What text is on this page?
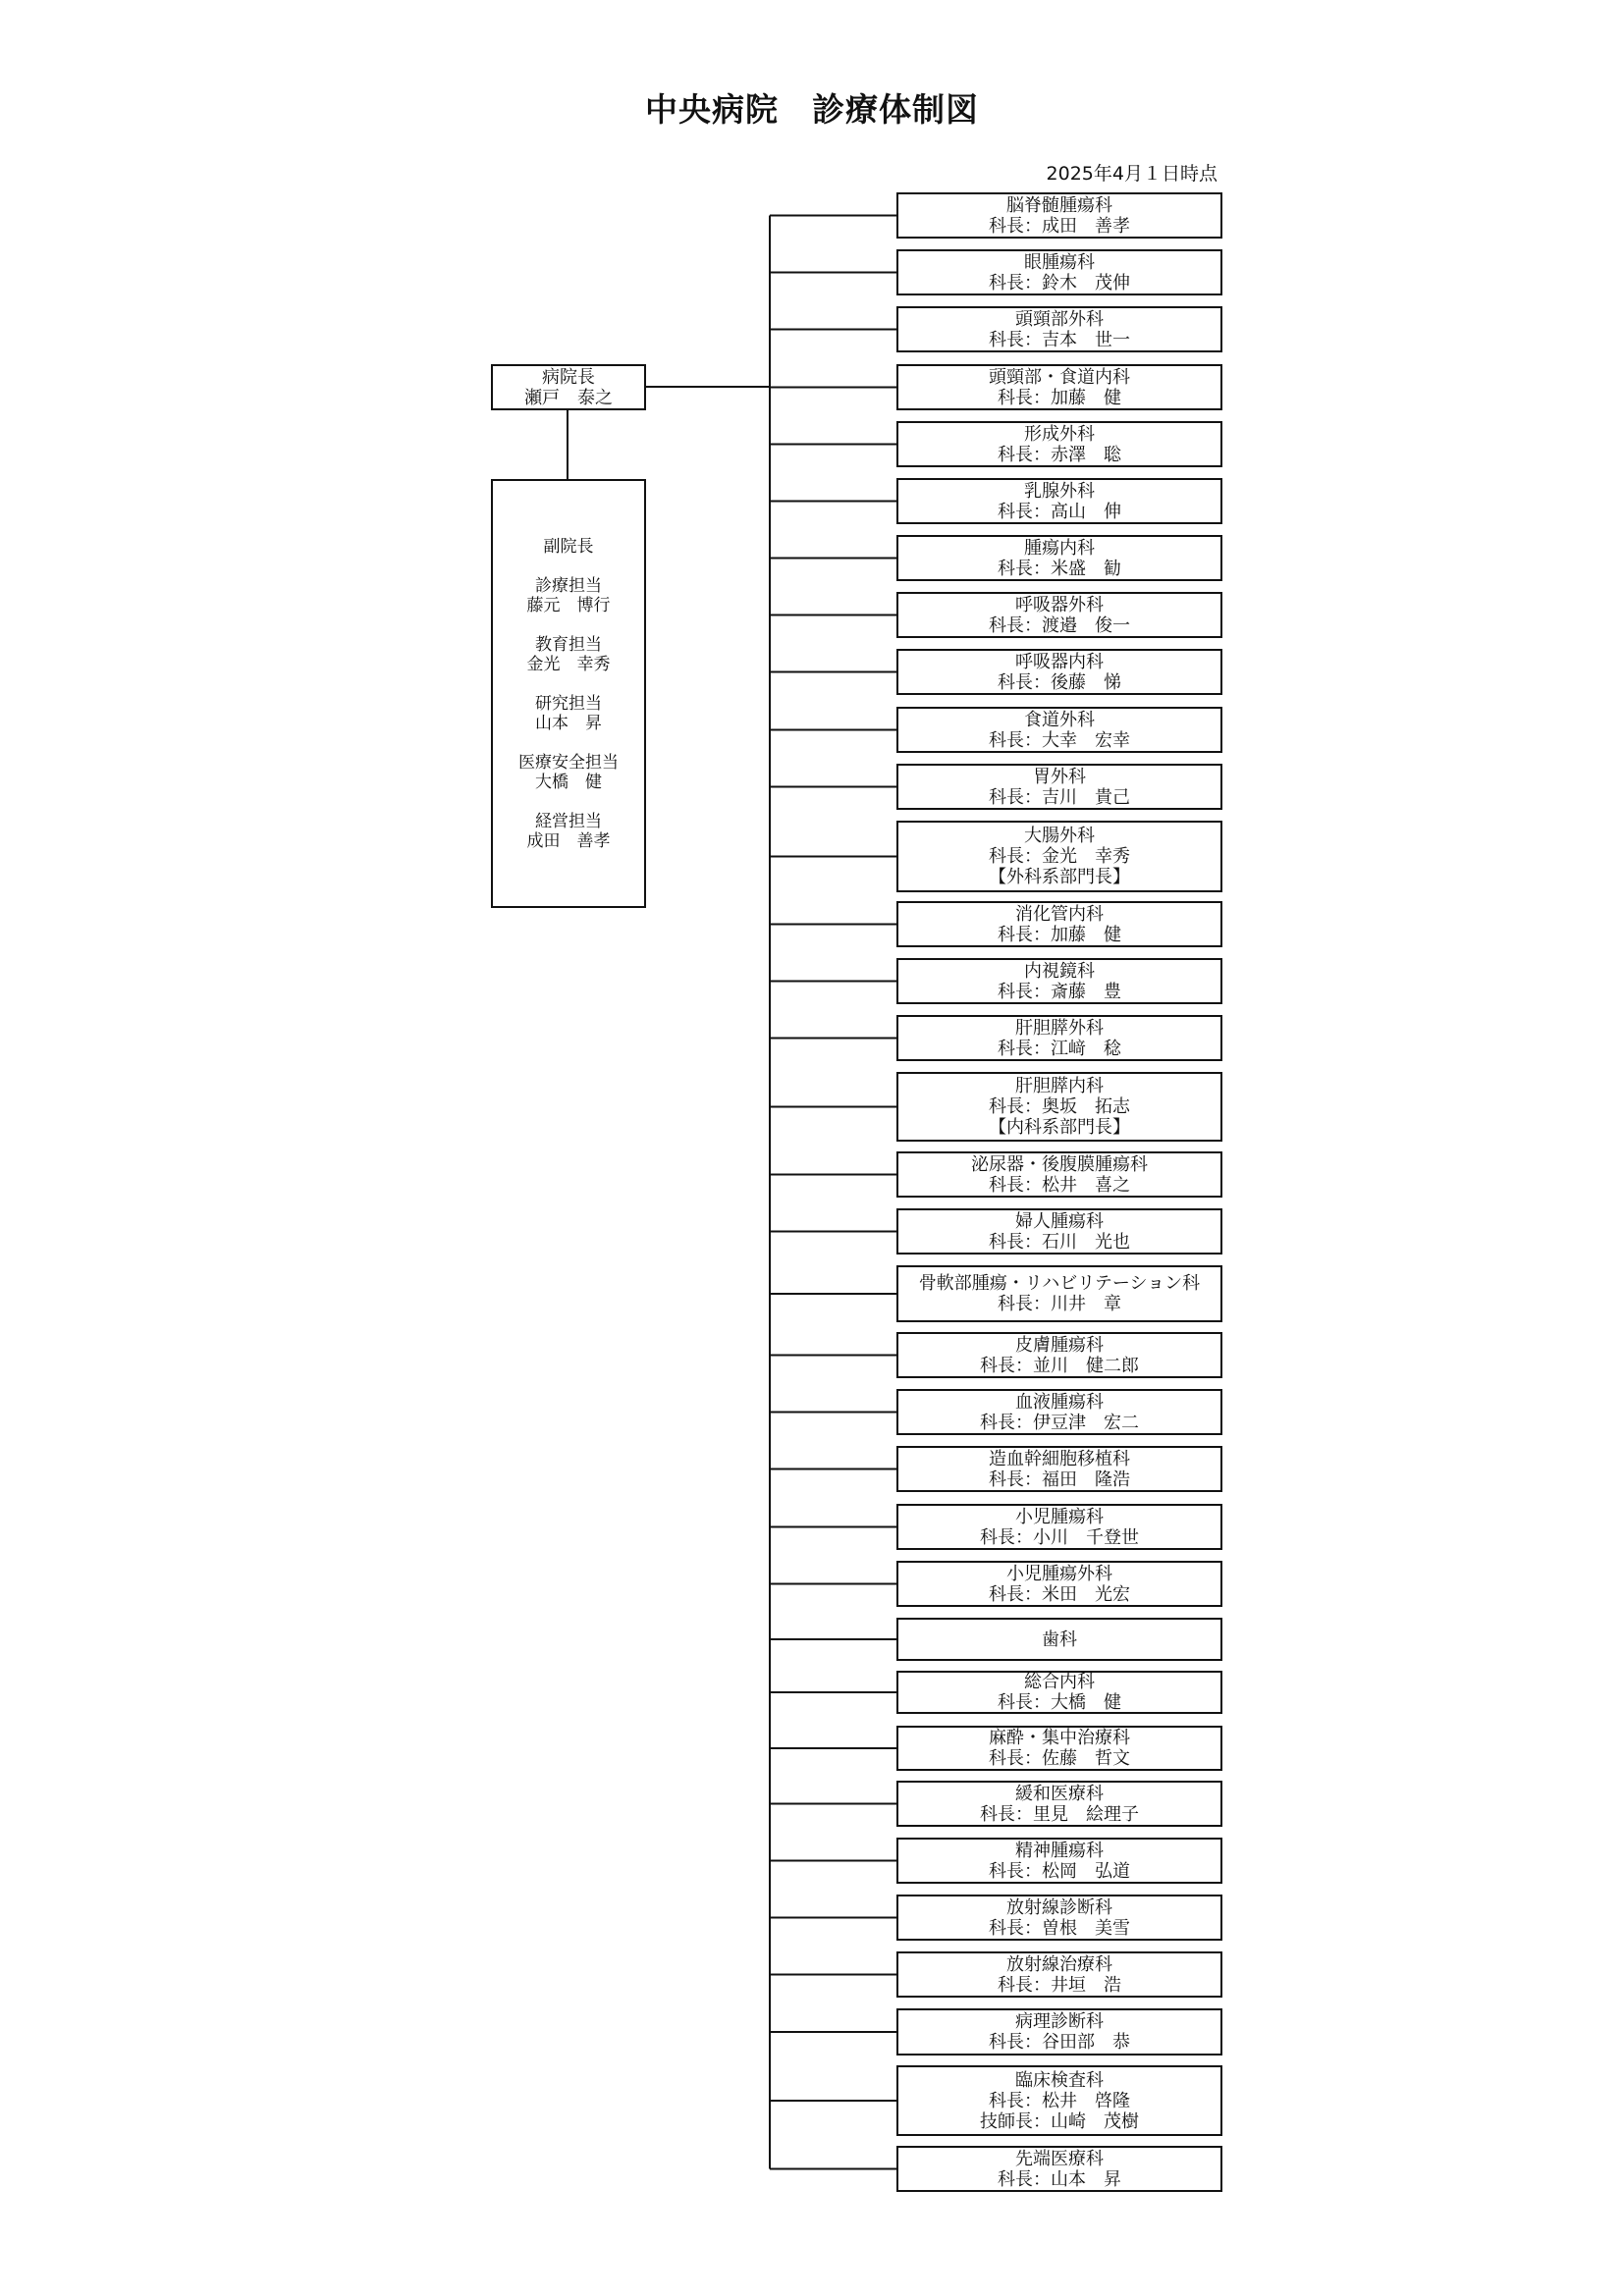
中央病院　診療体制図
2025年4月１日時点
病院長
瀬戸　泰之
副院長
診療担当
藤元　博行
教育担当
金光　幸秀
研究担当
山本　昇
医療安全担当
大橋　健
経営担当
成田　善孝
脳脊髄腫瘍科
科長：成田　善孝
眼腫瘍科
科長：鈴木　茂伸
頭頸部外科
科長：吉本　世一
頭頸部・食道内科
科長：加藤　健
形成外科
科長：赤澤　聡
乳腺外科
科長：高山　伸
腫瘍内科
科長：米盛　勧
呼吸器外科
科長：渡邉　俊一
呼吸器内科
科長：後藤　悌
食道外科
科長：大幸　宏幸
胃外科
科長：吉川　貴己
大腸外科
科長：金光　幸秀
【外科系部門長】
消化管内科
科長：加藤　健
内視鏡科
科長：斎藤　豊
肝胆膵外科
科長：江﨑　稔
肝胆膵内科
科長：奥坂　拓志
【内科系部門長】
泌尿器・後腹膜腫瘍科
科長：松井　喜之
婦人腫瘍科
科長：石川　光也
骨軟部腫瘍・リハビリテーション科
科長：川井　章
皮膚腫瘍科
科長：並川　健二郎
血液腫瘍科
科長：伊豆津　宏二
造血幹細胞移植科
科長：福田　隆浩
小児腫瘍科
科長：小川　千登世
小児腫瘍外科
科長：米田　光宏
歯科
総合内科
科長：大橋　健
麻酔・集中治療科
科長：佐藤　哲文
緩和医療科
科長：里見　絵理子
精神腫瘍科
科長：松岡　弘道
放射線診断科
科長：曽根　美雪
放射線治療科
科長：井垣　浩
病理診断科
科長：谷田部　恭
臨床検査科
科長：松井　啓隆
技師長：山崎　茂樹
先端医療科
科長：山本　昇
